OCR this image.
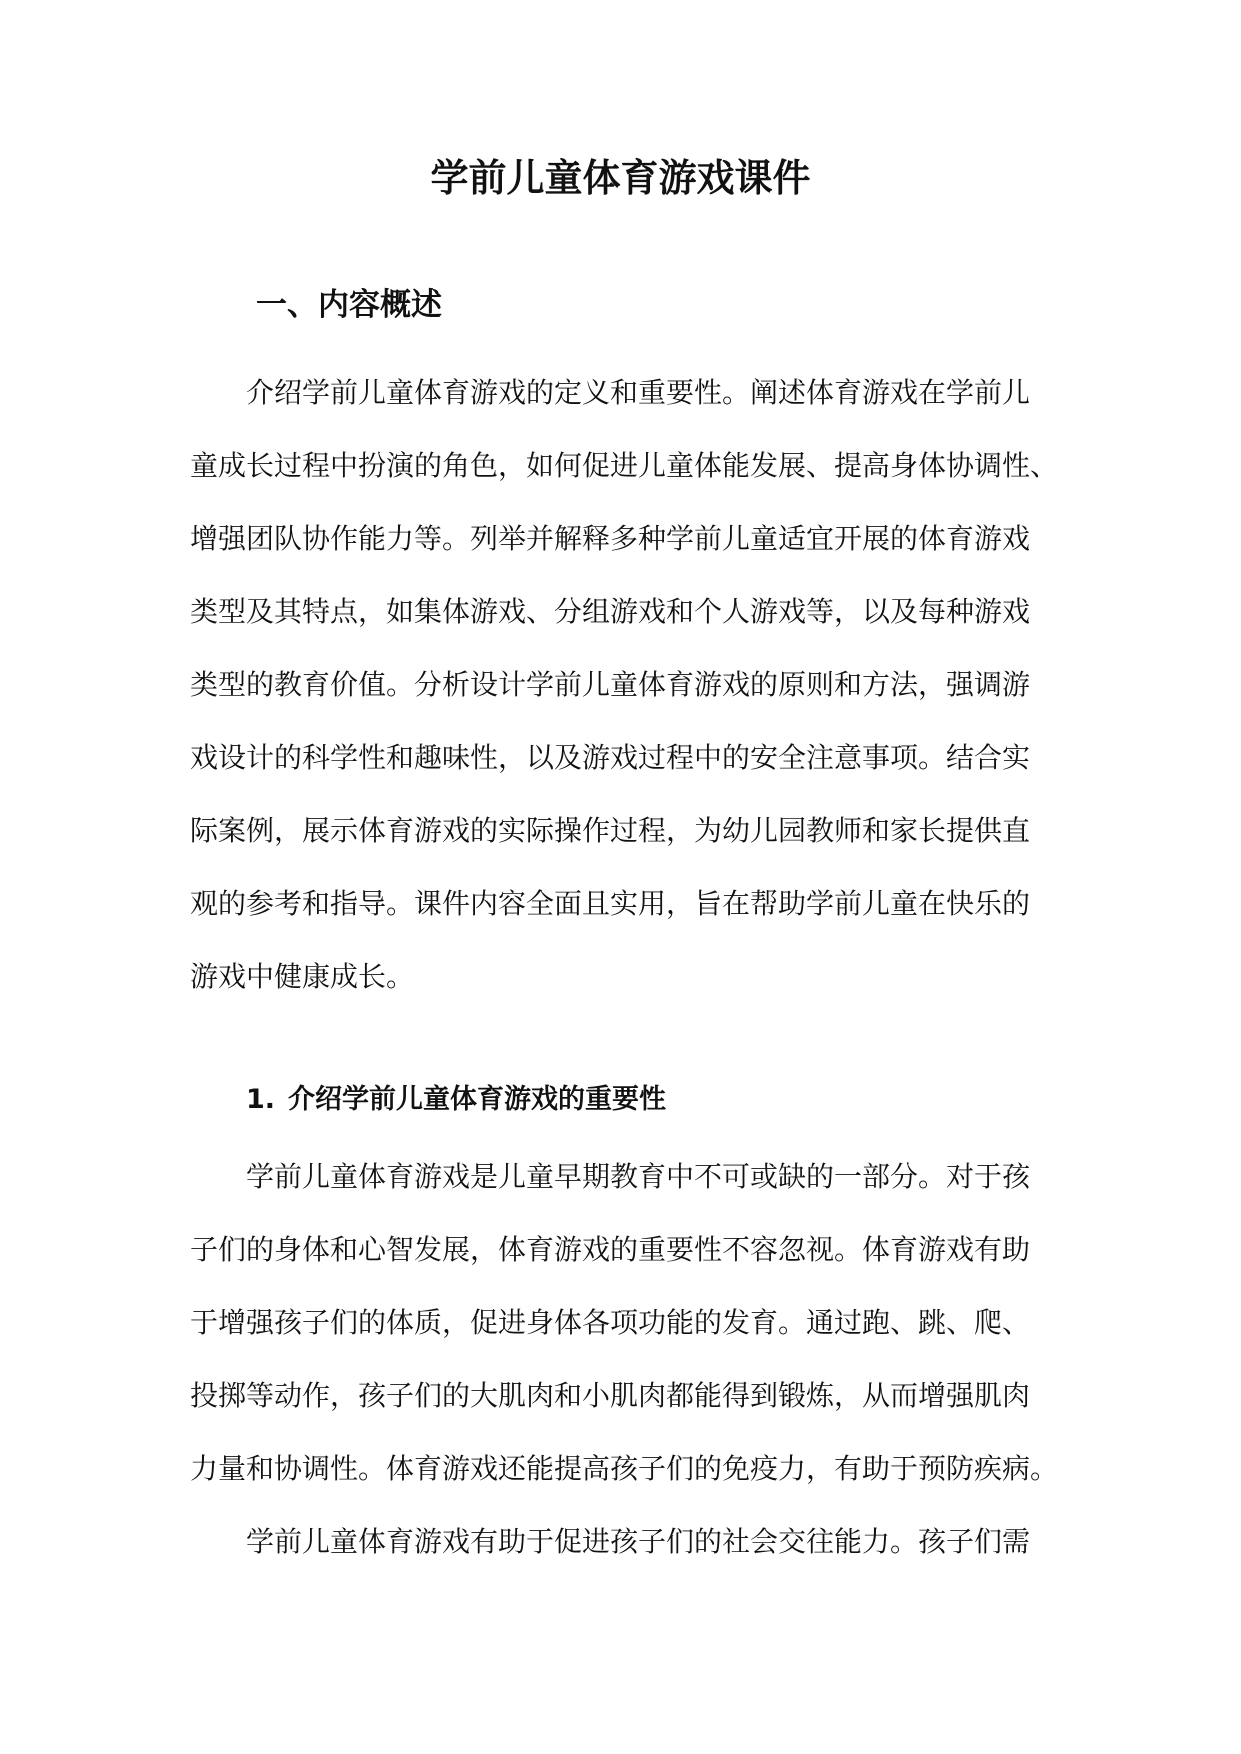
学前儿童体育游戏课件
一、内容概述
介绍学前儿童体育游戏的定义和重要性。阐述体育游戏在学前儿
童成长过程中扮演的角色，如何促进儿童体能发展、提高身体协调性、
增强团队协作能力等。列举并解释多种学前儿童适宜开展的体育游戏
类型及其特点，如集体游戏、分组游戏和个人游戏等，以及每种游戏
类型的教育价值。分析设计学前儿童体育游戏的原则和方法，强调游
戏设计的科学性和趣味性，以及游戏过程中的安全注意事项。结合实
际案例，展示体育游戏的实际操作过程，为幼儿园教师和家长提供直
观的参考和指导。课件内容全面且实用，旨在帮助学前儿童在快乐的
游戏中健康成长。
1. 介绍学前儿童体育游戏的重要性
学前儿童体育游戏是儿童早期教育中不可或缺的一部分。对于孩
子们的身体和心智发展，体育游戏的重要性不容忽视。体育游戏有助
于增强孩子们的体质，促进身体各项功能的发育。通过跑、跳、爬、
投掷等动作，孩子们的大肌肉和小肌肉都能得到锻炼，从而增强肌肉
力量和协调性。体育游戏还能提高孩子们的免疫力，有助于预防疾病。
学前儿童体育游戏有助于促进孩子们的社会交往能力。孩子们需
